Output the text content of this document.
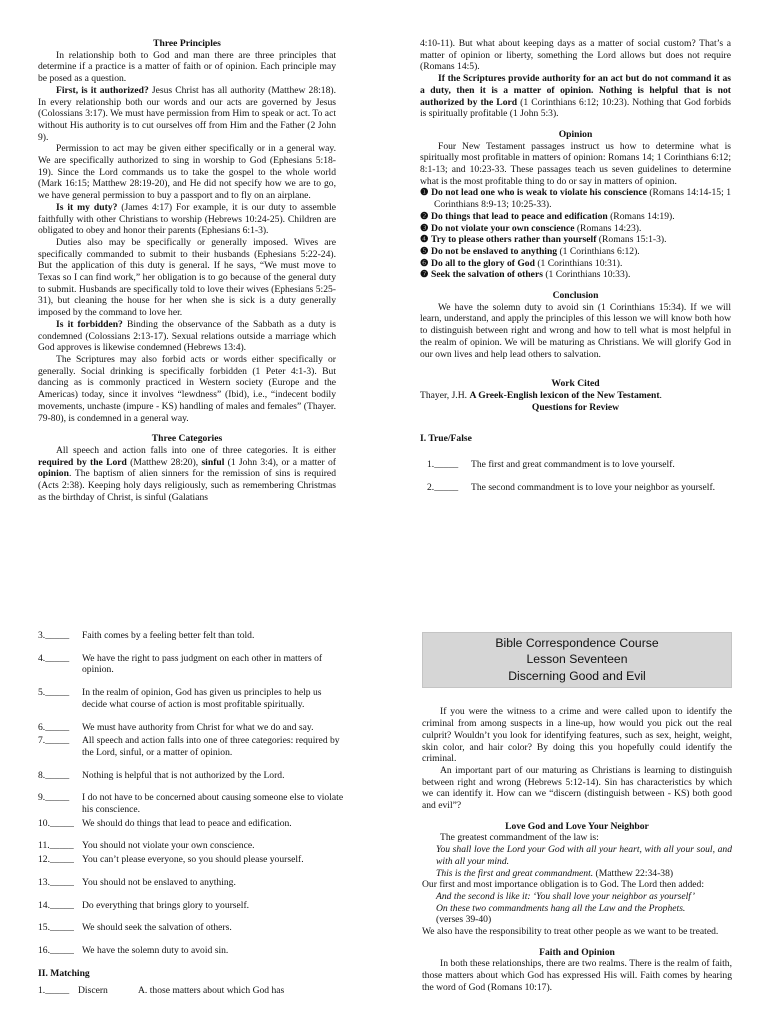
Three Principles

In relationship both to God and man there are three principles that determine if a practice is a matter of faith or of opinion. Each principle may be posed as a question.

First, is it authorized? Jesus Christ has all authority (Matthew 28:18). In every relationship both our words and our acts are governed by Jesus (Colossians 3:17). We must have permission from Him to speak or act. To act without His authority is to cut ourselves off from Him and the Father (2 John 9).

Permission to act may be given either specifically or in a general way. We are specifically authorized to sing in worship to God (Ephesians 5:18-19). Since the Lord commands us to take the gospel to the whole world (Mark 16:15; Matthew 28:19-20), and He did not specify how we are to go, we have general permission to buy a passport and to fly on an airplane.

Is it my duty? (James 4:17) For example, it is our duty to assemble faithfully with other Christians to worship (Hebrews 10:24-25). Children are obligated to obey and honor their parents (Ephesians 6:1-3).

Duties also may be specifically or generally imposed. Wives are specifically commanded to submit to their husbands (Ephesians 5:22-24). But the application of this duty is general. If he says, “We must move to Texas so I can find work,” her obligation is to go because of the general duty to submit. Husbands are specifically told to love their wives (Ephesians 5:25-31), but cleaning the house for her when she is sick is a duty generally imposed by the command to love her.

Is it forbidden? Binding the observance of the Sabbath as a duty is condemned (Colossians 2:13-17). Sexual relations outside a marriage which God approves is likewise condemned (Hebrews 13:4).

The Scriptures may also forbid acts or words either specifically or generally. Social drinking is specifically forbidden (1 Peter 4:1-3). But dancing as is commonly practiced in Western society (Europe and the Americas) today, since it involves “lewdness” (Ibid), i.e., “indecent bodily movements, unchaste (impure - KS) handling of males and females” (Thayer. 79-80), is condemned in a general way.

Three Categories

All speech and action falls into one of three categories. It is either required by the Lord (Matthew 28:20), sinful (1 John 3:4), or a matter of opinion. The baptism of alien sinners for the remission of sins is required (Acts 2:38). Keeping holy days religiously, such as remembering Christmas as the birthday of Christ, is sinful (Galatians

4:10-11). But what about keeping days as a matter of social custom? That’s a matter of opinion or liberty, something the Lord allows but does not require (Romans 14:5).

If the Scriptures provide authority for an act but do not command it as a duty, then it is a matter of opinion. Nothing is helpful that is not authorized by the Lord (1 Corinthians 6:12; 10:23). Nothing that God forbids is spiritually profitable (1 John 5:3).

Opinion

Four New Testament passages instruct us how to determine what is spiritually most profitable in matters of opinion: Romans 14; 1 Corinthians 6:12; 8:1-13; and 10:23-33. These passages teach us seven guidelines to determine what is the most profitable thing to do or say in matters of opinion.

❶ Do not lead one who is weak to violate his conscience (Romans 14:14-15; 1 Corinthians 8:9-13; 10:25-33).

❷ Do things that lead to peace and edification (Romans 14:19).

❸ Do not violate your own conscience (Romans 14:23).

❹ Try to please others rather than yourself (Romans 15:1-3).

❺ Do not be enslaved to anything (1 Corinthians 6:12).

❻ Do all to the glory of God (1 Corinthians 10:31).

❼ Seek the salvation of others (1 Corinthians 10:33).

Conclusion

We have the solemn duty to avoid sin (1 Corinthians 15:34). If we will learn, understand, and apply the principles of this lesson we will know both how to distinguish between right and wrong and how to tell what is most helpful in the realm of opinion. We will be maturing as Christians. We will glorify God in our own lives and help lead others to salvation.

Work Cited

Thayer, J.H. A Greek-English lexicon of the New Testament.

Questions for Review

I. True/False

1._____	The first and great commandment is to love yourself.
2._____	The second commandment is to love your neighbor as yourself.
3._____	Faith comes by a feeling better felt than told.
4._____	We have the right to pass judgment on each other in matters of opinion.
5._____	In the realm of opinion, God has given us principles to help us decide what course of action is most profitable spiritually.
6._____	We must have authority from Christ for what we do and say.
7._____	All speech and action falls into one of three categories: required by the Lord, sinful, or a matter of opinion.
8._____	Nothing is helpful that is not authorized by the Lord.
9._____	I do not have to be concerned about causing someone else to violate his conscience.
10._____ We should do things that lead to peace and edification.
11._____ You should not violate your own conscience.
12._____ You can’t please everyone, so you should please yourself.
13._____ You should not be enslaved to anything.
14._____ Do everything that brings glory to yourself.
15._____ We should seek the salvation of others.
16._____ We have the solemn duty to avoid sin.

II. Matching

1._____ Discern	A. those matters about which God has
Bible Correspondence Course
Lesson Seventeen
Discerning Good and Evil

If you were the witness to a crime and were called upon to identify the criminal from among suspects in a line-up, how would you pick out the real culprit? Wouldn’t you look for identifying features, such as sex, height, weight, skin color, and hair color? By doing this you hopefully could identify the criminal.

An important part of our maturing as Christians is learning to distinguish between right and wrong (Hebrews 5:12-14). Sin has characteristics by which we can identify it. How can we “discern (distinguish between - KS) both good and evil”?

Love God and Love Your Neighbor

The greatest commandment of the law is:

You shall love the Lord your God with all your heart, with all your soul, and with all your mind.

This is the first and great commandment. (Matthew 22:34-38)

Our first and most importance obligation is to God. The Lord then added:

And the second is like it: ‘You shall love your neighbor as yourself’

On these two commandments hang all the Law and the Prophets.

(verses 39-40)

We also have the responsibility to treat other people as we want to be treated.

Faith and Opinion

In both these relationships, there are two realms. There is the realm of faith, those matters about which God has expressed His will. Faith comes by hearing the word of God (Romans 10:17).
